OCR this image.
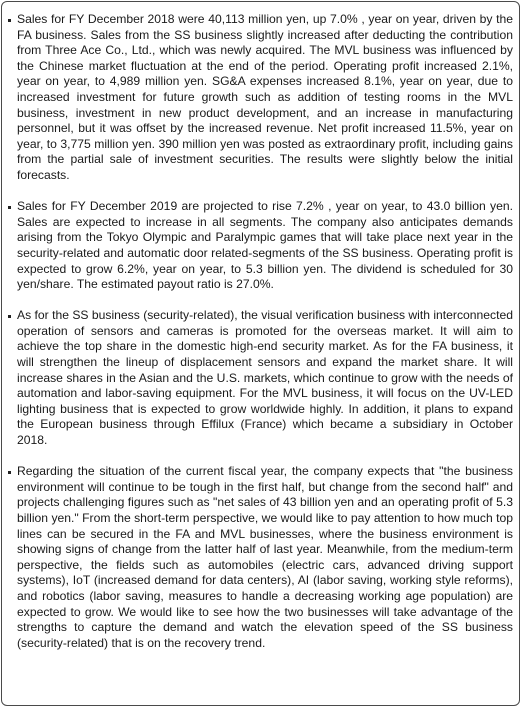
Sales for FY December 2018 were 40,113 million yen, up 7.0% , year on year, driven by the FA business. Sales from the SS business slightly increased after deducting the contribution from Three Ace Co., Ltd., which was newly acquired. The MVL business was influenced by the Chinese market fluctuation at the end of the period. Operating profit increased 2.1%, year on year, to 4,989 million yen. SG&A expenses increased 8.1%, year on year, due to increased investment for future growth such as addition of testing rooms in the MVL business, investment in new product development, and an increase in manufacturing personnel, but it was offset by the increased revenue. Net profit increased 11.5%, year on year, to 3,775 million yen. 390 million yen was posted as extraordinary profit, including gains from the partial sale of investment securities. The results were slightly below the initial forecasts.

Sales for FY December 2019 are projected to rise 7.2% , year on year, to 43.0 billion yen. Sales are expected to increase in all segments. The company also anticipates demands arising from the Tokyo Olympic and Paralympic games that will take place next year in the security-related and automatic door related-segments of the SS business. Operating profit is expected to grow 6.2%, year on year, to 5.3 billion yen. The dividend is scheduled for 30 yen/share. The estimated payout ratio is 27.0%.

As for the SS business (security-related), the visual verification business with interconnected operation of sensors and cameras is promoted for the overseas market. It will aim to achieve the top share in the domestic high-end security market. As for the FA business, it will strengthen the lineup of displacement sensors and expand the market share. It will increase shares in the Asian and the U.S. markets, which continue to grow with the needs of automation and labor-saving equipment. For the MVL business, it will focus on the UV-LED lighting business that is expected to grow worldwide highly. In addition, it plans to expand the European business through Effilux (France) which became a subsidiary in October 2018.

Regarding the situation of the current fiscal year, the company expects that "the business environment will continue to be tough in the first half, but change from the second half" and projects challenging figures such as "net sales of 43 billion yen and an operating profit of 5.3 billion yen." From the short-term perspective, we would like to pay attention to how much top lines can be secured in the FA and MVL businesses, where the business environment is showing signs of change from the latter half of last year. Meanwhile, from the medium-term perspective, the fields such as automobiles (electric cars, advanced driving support systems), IoT (increased demand for data centers), AI (labor saving, working style reforms), and robotics (labor saving, measures to handle a decreasing working age population) are expected to grow. We would like to see how the two businesses will take advantage of the strengths to capture the demand and watch the elevation speed of the SS business (security-related) that is on the recovery trend.
